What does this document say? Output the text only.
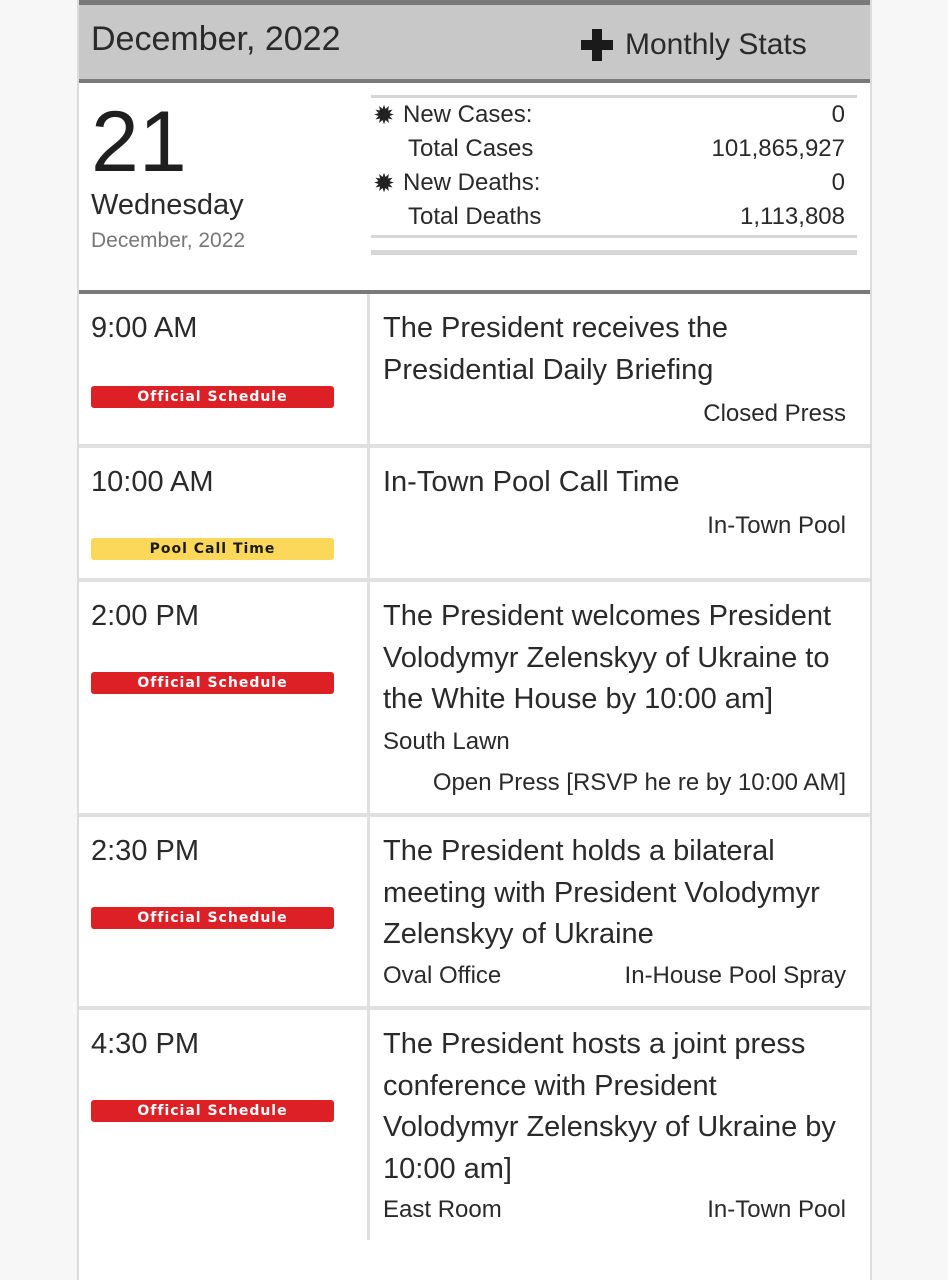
December, 2022	Monthly Stats
21
Wednesday
December, 2022
✹ New Cases:	0
Total Cases	101,865,927
✹ New Deaths:	0
Total Deaths	1,113,808
9:00 AM
Official Schedule
The President receives the Presidential Daily Briefing
Closed Press
10:00 AM
Pool Call Time
In-Town Pool Call Time
In-Town Pool
2:00 PM
Official Schedule
The President welcomes President Volodymyr Zelenskyy of Ukraine to the White House by 10:00 am]
South Lawn
Open Press [RSVP he re by 10:00 AM]
2:30 PM
Official Schedule
The President holds a bilateral meeting with President Volodymyr Zelenskyy of Ukraine
Oval Office	In-House Pool Spray
4:30 PM
Official Schedule
The President hosts a joint press conference with President Volodymyr Zelenskyy of Ukraine by 10:00 am]
East Room	In-Town Pool
